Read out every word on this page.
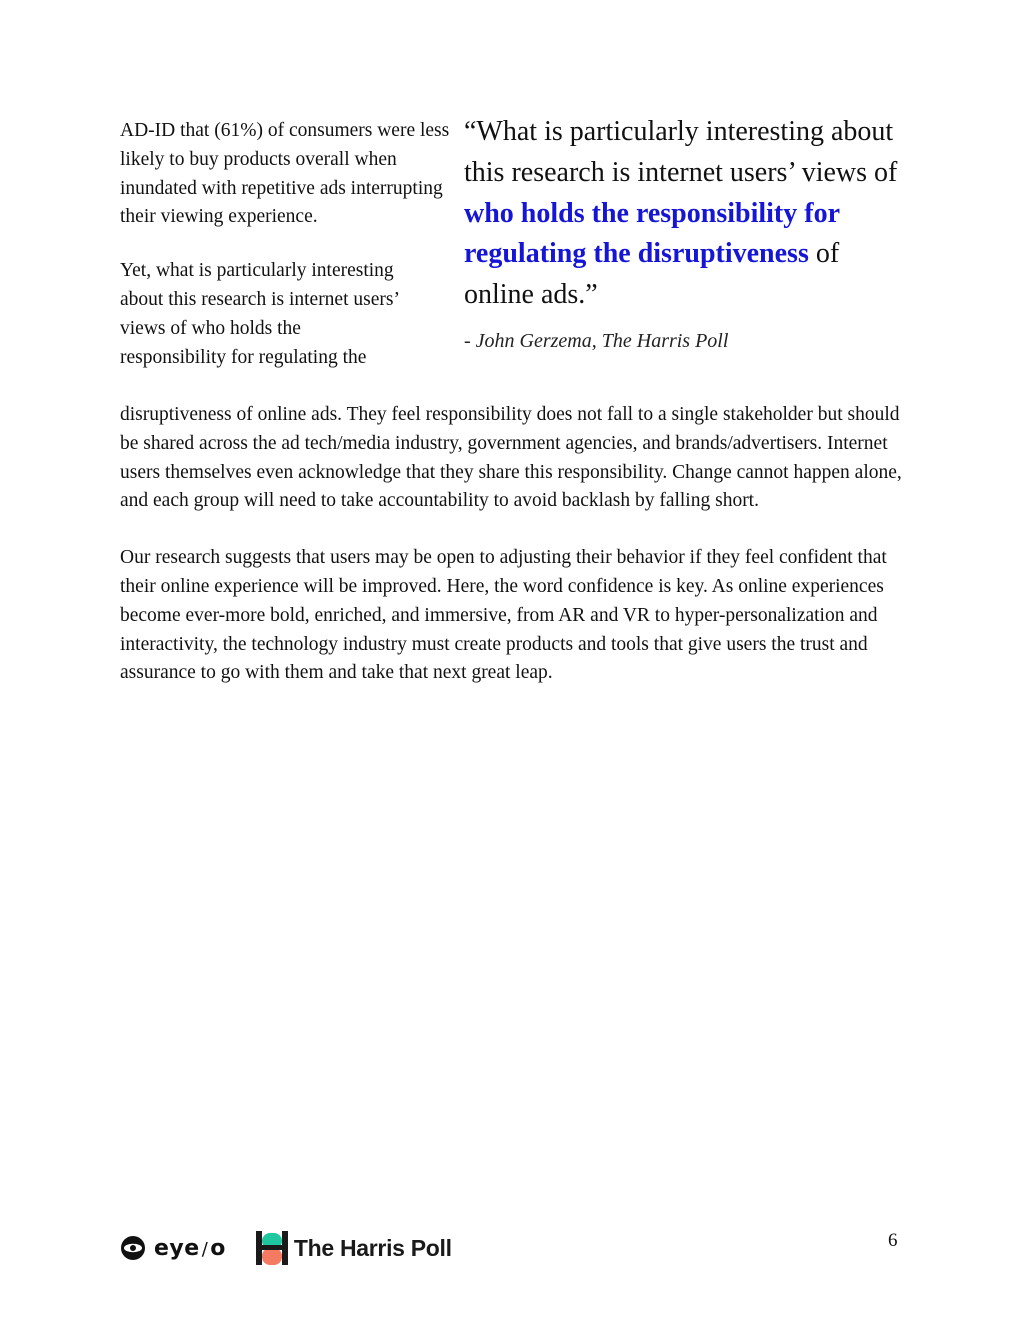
AD-ID that (61%) of consumers were less likely to buy products overall when inundated with repetitive ads interrupting their viewing experience.

Yet, what is particularly interesting
about this research is internet users’
views of who holds the
responsibility for regulating the

“What is particularly interesting about this research is internet users’ views of who holds the responsibility for regulating the disruptiveness of online ads.”
- John Gerzema, The Harris Poll

disruptiveness of online ads. They feel responsibility does not fall to a single stakeholder but should be shared across the ad tech/media industry, government agencies, and brands/advertisers. Internet users themselves even acknowledge that they share this responsibility. Change cannot happen alone, and each group will need to take accountability to avoid backlash by falling short.

Our research suggests that users may be open to adjusting their behavior if they feel confident that their online experience will be improved. Here, the word confidence is key. As online experiences become ever-more bold, enriched, and immersive, from AR and VR to hyper-personalization and interactivity, the technology industry must create products and tools that give users the trust and assurance to go with them and take that next great leap.

eye /o	The Harris Poll	6
